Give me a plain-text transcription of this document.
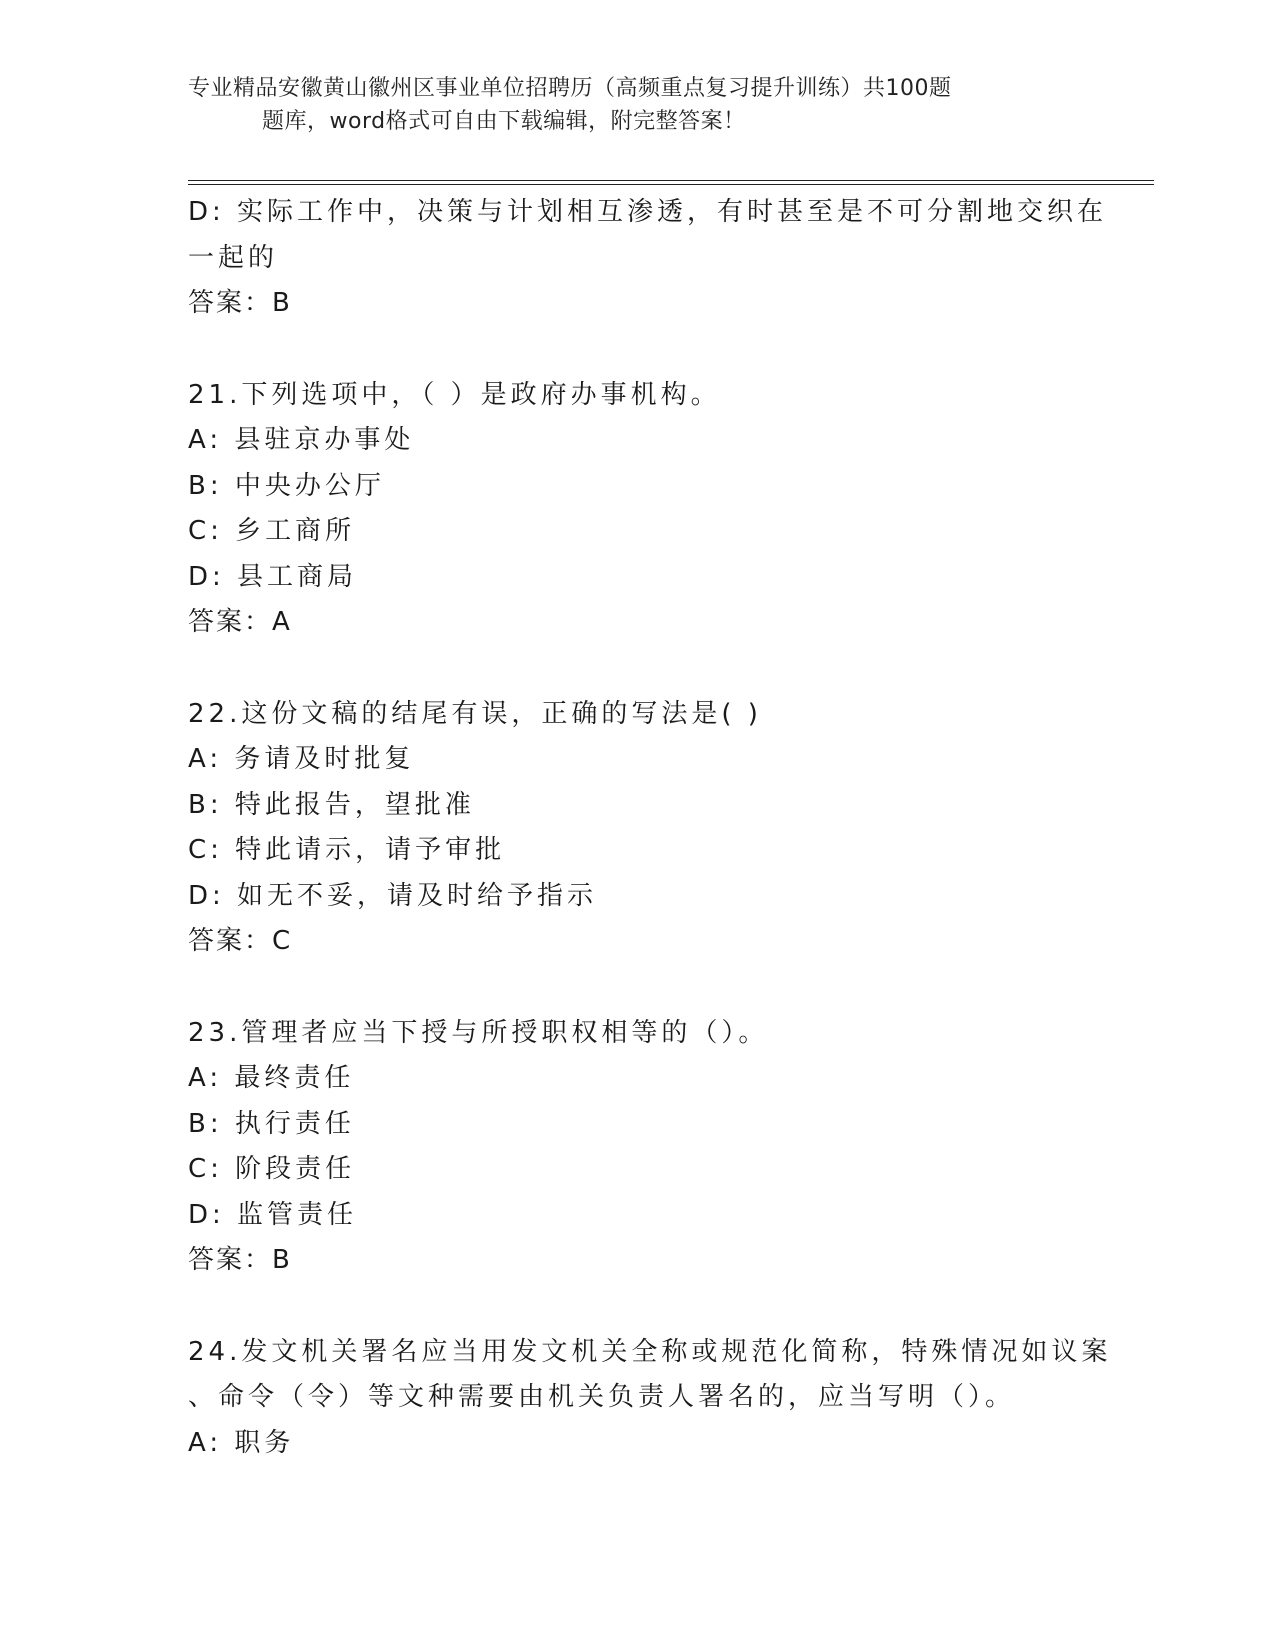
专业精品安徽黄山徽州区事业单位招聘历（高频重点复习提升训练）共100题
题库，word格式可自由下载编辑，附完整答案！
D: 实际工作中，决策与计划相互渗透，有时甚至是不可分割地交织在
一起的
答案：B
21.下列选项中，（ ）是政府办事机构。
A: 县驻京办事处
B: 中央办公厅
C: 乡工商所
D: 县工商局
答案：A
22.这份文稿的结尾有误，正确的写法是( )
A: 务请及时批复
B: 特此报告，望批准
C: 特此请示，请予审批
D: 如无不妥，请及时给予指示
答案：C
23.管理者应当下授与所授职权相等的（）。
A: 最终责任
B: 执行责任
C: 阶段责任
D: 监管责任
答案：B
24.发文机关署名应当用发文机关全称或规范化简称，特殊情况如议案
、命令（令）等文种需要由机关负责人署名的，应当写明（）。
A: 职务
